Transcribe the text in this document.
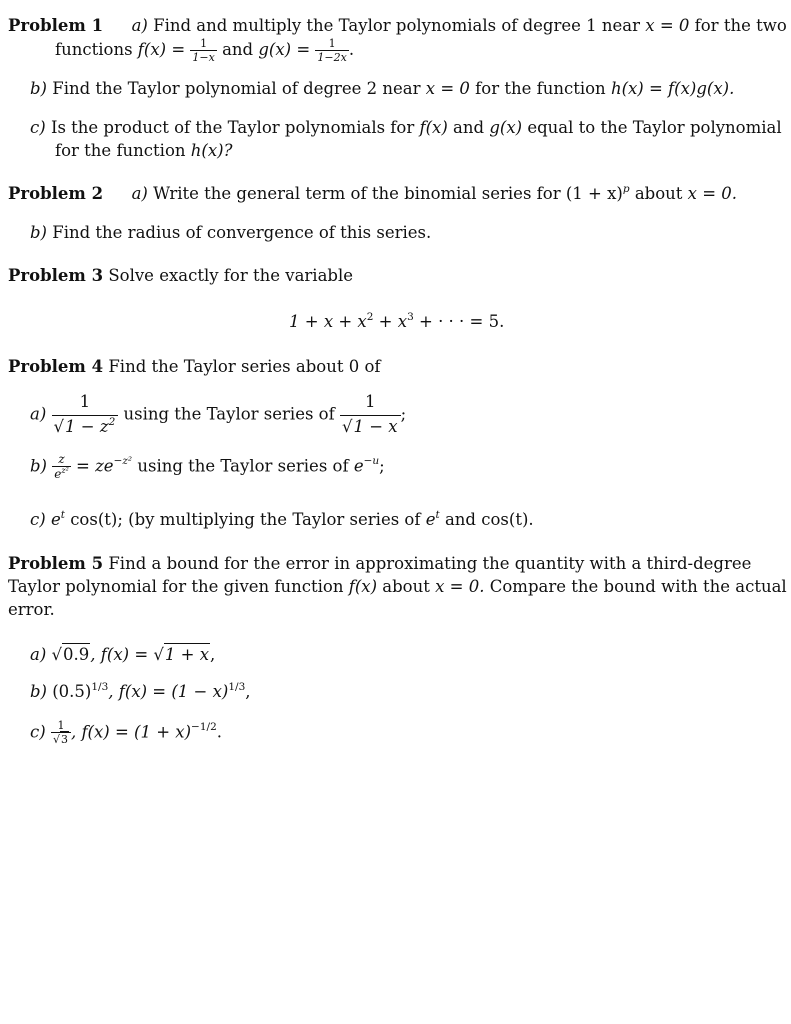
Problem 1 a) Find and multiply the Taylor polynomials of degree 1 near x = 0 for the two
functions $f(x) = \frac{1}{1-x}$ and $g(x) = \frac{1}{1-2x}$ .
b) Find the Taylor polynomial of degree 2 near x = 0 for the function h(x) = f(x)g(x).
c) Is the product of the Taylor polynomials for f(x) and g(x) equal to the Taylor polynomial
for the function h(x)?
Problem 2 a) Write the general term of the binomial series for $(1 + x)^p$ about x = 0.
b) Find the radius of convergence of this series.
Problem 3 Solve exactly for the variable
$1 + x + x^2 + x^3$ + · · · = 5.
Problem 4 Find the Taylor series about 0 of
$a) \frac{1}{√1 - z^2}$ using the Taylor series of $\frac{1}{√1 - x}$ ;
$b) \frac{z}{e^{z^2}} = ze^{-z^2}$ using the Taylor series of $e^{-u}$;
c) $e^t$ cos(t); (by multiplying the Taylor series of $e^t$ and cos(t).
Problem 5 Find a bound for the error in approximating the quantity with a third-degree
Taylor polynomial for the given function f(x) about x = 0. Compare the bound with the actual
error.
a) √0.9, f(x) = √1 + x,
b) $(0.5)^{1/3}$, $f(x) = (1 - x)^{1/3}$,
$c) \frac{1}{√3}$ , $f(x) = (1 + x)^{-1/2}$.
